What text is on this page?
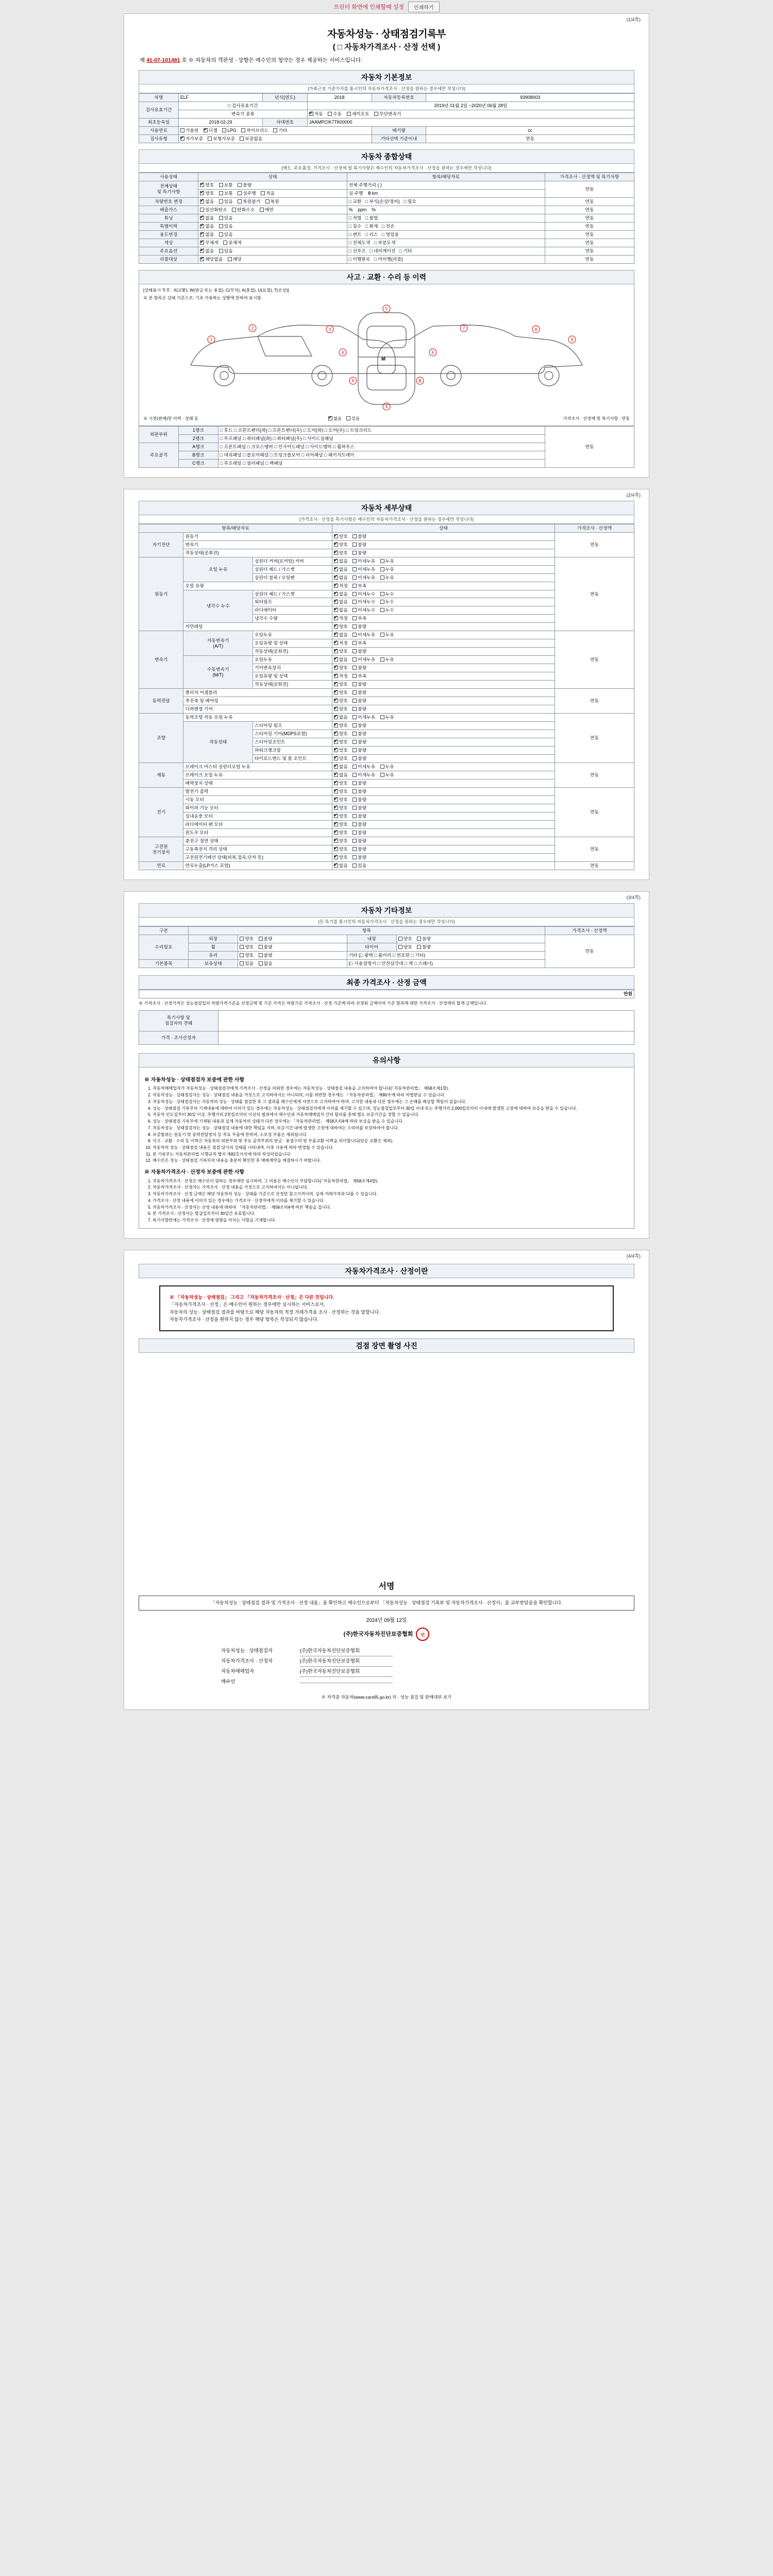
프린터 화면에 인쇄할때 설정	인쇄하기
(1/4쪽)
자동차성능 · 상태점검기록부
( □ 자동차가격조사 · 산정 선택 )
제 41-07-101481 호 ※ 자동차의 객관성 · 상향은 매수인의 청약는 경우 제공하는 서비스입니다.
자동차 기본정보
[가족근성 기준가치를 통시인의 자동차가격조사 · 산정을 원하는 경우에만 작성니다]
차명	ELF	년식(연도)	2018	자동차등록번호	93908003
검사유효기간	□ 검사유효기간		2019년 01월 2일 ~2020년 06월 28일		
	변속기 종류	✔자동 수동 세미오토 무단변속기
최초등록일	2018-02-29	차대번호	JAAMPCIK7ТК00000		
사용연료	가솔린 ✔ 디젤 LPG 하이브리드 기타			배기량	cc
검사유형	✔자가보증 보험사보증 보증없음			기타선택 기준이내	연동
자동차 종합상태
[매도, 주요품질, 가격조사 · 산정에 필 복기사항은 매수인의 자동차가격조사 · 산정을 원하는 경우에만 작성니다]
사용상태	상태	항목/해당자료	가격조사 · 산정액 및 특기사항
전체상태
및 특기사항	✔양호 보통 불량	전체 주행거리 ( )	연동
✔양호 보통 실주행 적음	실 주행    0 km	
차량번호 변경	✔없음 있음 복원불가 복원	□ 교환   □ 부식(손상/정비)   □ 필요	연동
배출가스	일산화탄소 탄화수소 매연	%    ppm    %	연동
튜닝	✔없음 있음	□ 적법   □ 불법	연동
특별이력	✔없음 있음	□ 침수   □ 화재   □ 전손	연동
용도변경	✔없음 있음	□ 렌트   □ 리스   □ 영업용	연동
색상	✔무채색 유채색	□ 전체도색   □ 부분도색	연동
주요옵션	✔없음 있음	□ 선루프   □ 네비게이션   □ 기타	연동
리콜대상	✔해당없음 해당	□ 이행완료   □ 미이행(리콜)	연동
사고 · 교환 · 수리 등 이력
[상태표시 부호 : X(교환), W(판금 또는 용접), C(부식), A(흠집), U(요철), T(손상)]
※ 본 항목은 상태 기준으로, 기초 가용하는 상황에 한하여 표시함
M
1
2	3
4
5
4
6
7	8
9
A	B
※ 시전(판매)한 이력 · 상태 등 ✔	없음 있음	가격조사 · 산정액 및 특기사항 : 연동
외판부위	1랭크	□ 후드 □ 프론트펜더(좌) □ 프론트펜더(우) □ 도어(좌) □ 도어(우) □ 트렁크리드	연동
	2랭크	□ 루프패널 □ 쿼터패널(좌) □ 쿼터패널(우) □ 사이드실패널	
주요골격	A랭크	□ 프론트패널 □ 크로스멤버 □ 인사이드패널 □ 사이드멤버 □ 휠하우스	
	B랭크	□ 대쉬패널 □ 플로어패널 □ 트렁크플로어 □ 리어패널 □ 패키지트레이	
	C랭크	□ 루프레일 □ 필러패널 □ 백패널	
(2/4쪽)
자동차 세부상태
[가격조사 · 산정을 특기사항은 매수인의 자동차가격조사 · 산정을 원하는 경우에만 작성니다]
항목/해당자료			상태	가격조사 · 산정액
자기진단	원동기	✔양호 불량	연동
	변속기	✔양호 불량
	작동상태(공회전)	✔양호 불량
원동기	오일 누유	실린더 커버(로커암) 커버	✔없음 미세누유 누유	연동
		실린더 헤드 / 가스켓	✔없음 미세누유 누유
		실린더 블록 / 오일팬	✔없음 미세누유 누유
	오일 유량	✔적정 부족
	냉각수 누수	실린더 헤드 / 가스켓	✔없음 미세누수 누수
		워터펌프	✔없음 미세누수 누수
		라디에이터	✔없음 미세누수 누수
		냉각수 수량	✔적정 부족
	커먼레일	✔양호 불량
변속기	자동변속기
(A/T)	오일누유	✔없음 미세누유 누유	연동
		오일유량 및 상태	✔적정 부족
		작동상태(공회전)	✔양호 불량
	수동변속기
(M/T)	오일누유	✔없음 미세누유 누유
		기어변속장치	✔양호 불량
		오일유량 및 상태	✔적정 부족
		작동상태(공회전)	✔양호 불량
동력전달	클러치 어셈블리	✔양호 불량	연동
	추진축 및 베어링	✔양호 불량
	디퍼렌셜 기어	✔양호 불량
조향	동력조향 작동 오일 누유	✔없음 미세누유 누유	연동
	작동상태	스티어링 펌프	✔양호 불량
		스티어링 기어(MDPS포함)	✔양호 불량
		스티어링조인트	✔양호 불량
		파워크랭크암	✔양호 불량
		타이로드엔드 및 볼 조인트	✔양호 불량
제동	브레이크 마스터 실린더오일 누유	✔없음 미세누유 누유	연동
	브레이크 오일 누유	✔없음 미세누유 누유
	배력장치 상태	✔양호 불량
전기	발전기 출력	✔양호 불량	연동
	시동 모터	✔양호 불량
	와이퍼 기능 모터	✔양호 불량
	실내송풍 모터	✔양호 불량
	라디에이터 팬 모터	✔양호 불량
	윈도우 모터	✔양호 불량
고전원
전기장치	충전구 절연 상태	✔양호 불량	연동
	구동축전지 격리 상태	✔양호 불량
	고전원전기배선 상태(피복,접속,단자 등)	✔양호 불량
연료	연료누출(LP가스 포함)	✔없음 있음	연동
(3/4쪽)
자동차 기타정보
[등 특기를 통시인의 자동차가격조사 · 산정을 원하는 경우에만 작성니다]
구분	항목				가격조사 · 산정액
수리필요	외장	양호 불량	내장	양호 불량	연동
	휠	양호 불량	타이어	양호 불량	
	유리	양호 불량	기타 (□ 광택 □ 룸미러 □ 번호판 □ 기타)		
기본품목	보유상태	있음 없음	(□ 사용설명서 □ 안전삼각대 □ 잭 □ 스패너)		
최종 가격조사 · 산정 금액
만원
※ 가격조사 · 산정가격은 성능점검일의 차량가격기준을 산정금액 및 기준 가격은 차량기준 가격조사 · 산정 기준에 따라 산정된 금액이며 기준 항목에 대한 가격조사 · 산정액의 합계 금액입니다.
특기사항 및
점검자의 견해	
가격 · 조사산정자	
유의사항
※ 자동차성능 · 상태점검자 보증에 관한 사항
1. 자동차매매업자가 자동차성능 · 상태점검자에게 가격조사 · 산정을 의뢰한 경우에는 자동차성능 · 상태점검 내용을 고지하여야 합니다(「자동차관리법」 제58조제1항).
2. 자동차성능 · 상태점검자는 성능 · 상태점검 내용을 거짓으로 고지하여서는 아니되며, 이를 위반한 경우에는 「자동차관리법」 제80조에 따라 처벌받을 수 있습니다.
3. 자동차성능 · 상태점검자는 자동차의 성능 · 상태를 점검한 후 그 결과를 매수인에게 서면으로 고지하여야 하며, 고지한 내용과 다른 경우에는 그 손해를 배상할 책임이 있습니다.
4. 성능 · 상태점검 기록부의 기재내용에 대하여 이의가 있는 경우에는 자동차성능 · 상태점검자에게 이의를 제기할 수 있으며, 성능점검일로부터 30일 이내 또는 주행거리 2,000킬로미터 이내에 발생한 고장에 대하여 보증을 받을 수 있습니다.
5. 자동차 인도일부터 30일 이상, 주행거리 2천킬로미터 이상의 범위에서 매수인과 자동차매매업자 간의 합의를 통해 별도 보증기간을 정할 수 있습니다.
6. 성능 · 상태점검 기록부에 기재된 내용과 실제 자동차의 상태가 다른 경우에는 「자동차관리법」 제58조의4에 따라 보상을 받을 수 있습니다.
7. 자동차성능 · 상태점검자는 성능 · 상태점검 내용에 대한 책임을 지며, 보증기간 내에 발생한 고장에 대하여는 수리비를 보상하여야 합니다.
8. 보증범위는 원동기 및 동력전달장치 등 주요 부품에 한하며, 소모성 부품은 제외됩니다.
9. 사고 · 교환 · 수리 등 이력은 자동차의 외판부위 및 주요 골격부위의 판금 · 용접수리 및 부품교환 이력을 의미합니다(단순 교환은 제외).
10. 자동차의 성능 · 상태점검 내용은 점검 당시의 상태를 나타내며, 이후 사용에 따라 변경될 수 있습니다.
11. 본 기록부는 자동차관리법 시행규칙 별지 제82호서식에 따라 작성되었습니다.
12. 매수인은 성능 · 상태점검 기록부의 내용을 충분히 확인한 후 매매계약을 체결하시기 바랍니다.
※ 자동차가격조사 · 산정자 보증에 관한 사항
1. 자동차가격조사 · 산정은 매수인이 원하는 경우에만 실시하며, 그 비용은 매수인이 부담합니다(「자동차관리법」 제58조제4항).
2. 자동차가격조사 · 산정자는 가격조사 · 산정 내용을 거짓으로 고지하여서는 아니됩니다.
3. 자동차가격조사 · 산정 금액은 해당 자동차의 성능 · 상태를 기준으로 산정한 참고가격이며, 실제 거래가격과 다를 수 있습니다.
4. 가격조사 · 산정 내용에 이의가 있는 경우에는 가격조사 · 산정자에게 이의를 제기할 수 있습니다.
5. 자동차가격조사 · 산정자는 산정 내용에 대하여 「자동차관리법」 제58조의4에 따른 책임을 집니다.
6. 본 가격조사 · 산정서는 발급일로부터 30일간 유효합니다.
7. 특기사항란에는 가격조사 · 산정에 영향을 미치는 사항을 기재합니다.
(4/4쪽)
자동차가격조사 · 산정이란
※ 「자동차성능 · 상태점검」 그리고 「자동차가격조사 · 산정」은 다른 것입니다.
「자동차가격조사 · 산정」은 매수인이 원하는 경우에만 실시하는 서비스로서,
자동차의 성능 · 상태점검 결과를 바탕으로 해당 자동차의 적정 거래가격을 조사 · 산정하는 것을 말합니다.
자동차가격조사 · 산정을 원하지 않는 경우 해당 항목은 작성되지 않습니다.
검점 장면 촬영 사진
서명
「자동차성능 · 상태점검 결과 및 가격조사 · 산정 내용」을 확인하고 매수인으로부터 「자동차성능 · 상태점검 기록부 및 자동차가격조사 · 산정서」를 교부받았음을 확인합니다.
2024년 09월 12일
(주)한국자동차진단보증협회 인
자동차성능 · 상태점검자	(주)한국자동차진단보증협회
자동차가격조사 · 산정자	(주)한국자동차진단보증협회
자동차매매업자	(주)한국자동차진단보증협회
매수인
※ 자격증 자동차(www.carзб5.go.kr) 자 · 성능 점검 및 판매대부 보기
